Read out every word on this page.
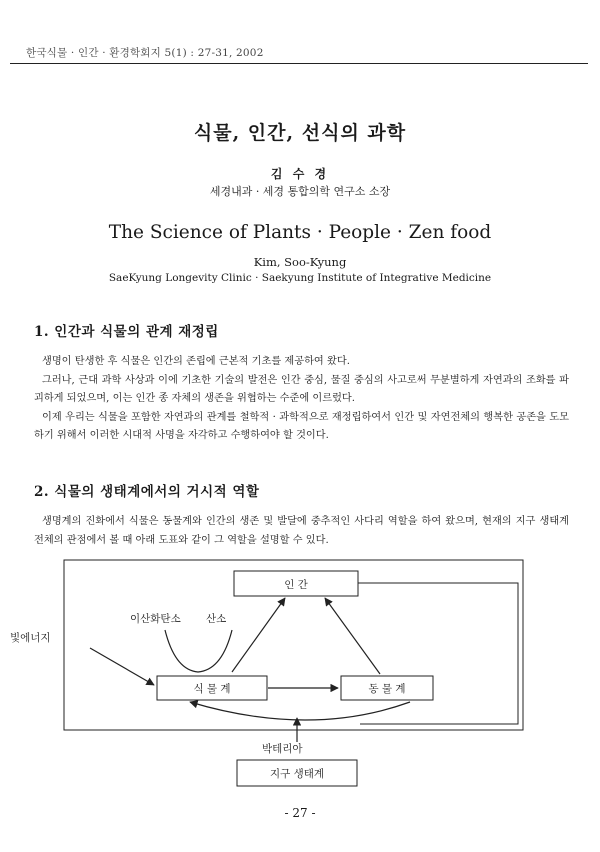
한국식물 · 인간 · 환경학회지 5(1) : 27-31, 2002
식물, 인간, 선식의 과학
김 수 경
세경내과 · 세경 통합의학 연구소 소장
The Science of Plants · People · Zen food
Kim, Soo-Kyung
SaeKyung Longevity Clinic · Saekyung Institute of Integrative Medicine
1. 인간과 식물의 관계 재정립

생명이 탄생한 후 식물은 인간의 존립에 근본적 기초를 제공하여 왔다.

그러나, 근대 과학 사상과 이에 기초한 기술의 발전은 인간 중심, 물질 중심의 사고로써 무분별하게 자연과의 조화를 파괴하게 되었으며, 이는 인간 종 자체의 생존을 위협하는 수준에 이르렀다.

이제 우리는 식물을 포함한 자연과의 관계를 철학적 · 과학적으로 재정립하여서 인간 및 자연전체의 행복한 공존을 도모하기 위해서 이러한 시대적 사명을 자각하고 수행하여야 할 것이다.

2. 식물의 생태계에서의 거시적 역할

생명계의 진화에서 식물은 동물계와 인간의 생존 및 발달에 중추적인 사다리 역할을 하여 왔으며, 현재의 지구 생태계 전체의 관점에서 볼 때 아래 도표와 같이 그 역할을 설명할 수 있다.

인 간
식 물 계	동 물 계
지구 생태계
이산화탄소 산소
빛에너지
박테리아
- 27 -
